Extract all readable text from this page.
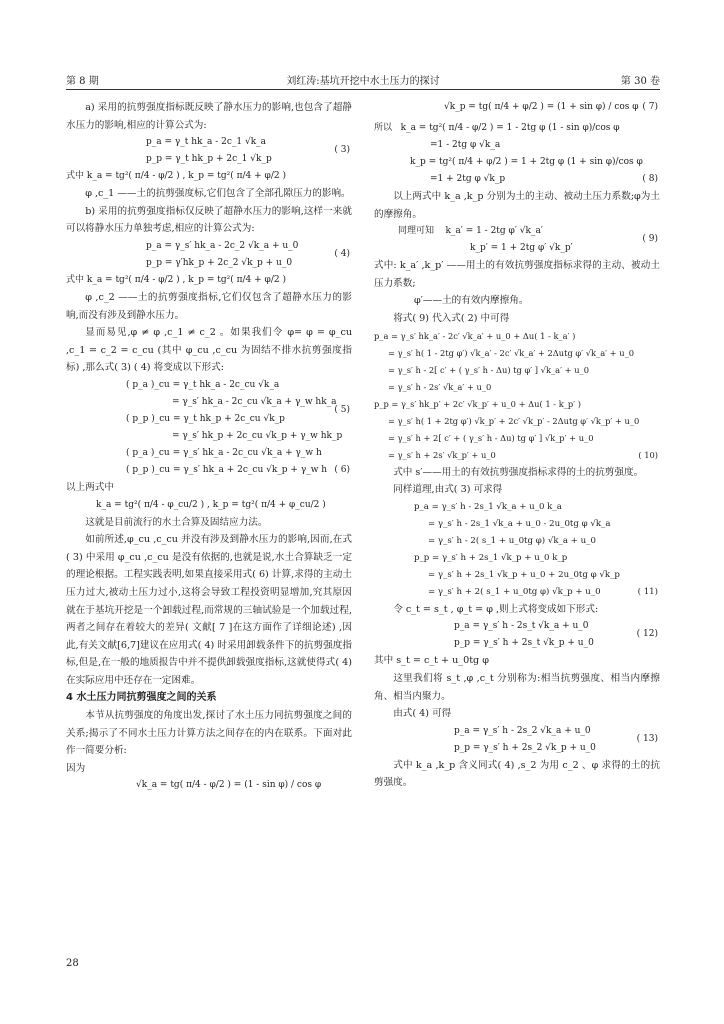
第 8 期	刘红涛:基坑开挖中水土压力的探讨	第 30 卷

a) 采用的抗剪强度指标既反映了静水压力的影响,也包含了超静水压力的影响,相应的计算公式为:

p_a = γ_t hk_a - 2c_1 √k_a
p_p = γ_t hk_p + 2c_1 √k_p
( 3)
式中 k_a = tg²( π/4 - φ/2 ) , k_p = tg²( π/4 + φ/2 )

φ ,c_1 ——土的抗剪强度标,它们包含了全部孔隙压力的影响。

b) 采用的抗剪强度指标仅反映了超静水压力的影响,这样一来就可以将静水压力单独考虑,相应的计算公式为:

p_a = γ_s′ hk_a - 2c_2 √k_a + u_0
p_p = γ′hk_p + 2c_2 √k_p + u_0
( 4)
式中 k_a = tg²( π/4 - φ/2 ) , k_p = tg²( π/4 + φ/2 )

φ ,c_2 ——土的抗剪强度指标,它们仅包含了超静水压力的影响,而没有涉及到静水压力。

显而易见,φ ≠ φ ,c_1 ≠ c_2 。如果我们令 φ= φ = φ_cu ,c_1 = c_2 = c_cu (其中 φ_cu ,c_cu 为固结不排水抗剪强度指标) ,那么式( 3) ( 4) 将变成以下形式:

( p_a )_cu = γ_t hk_a - 2c_cu √k_a
= γ_s′ hk_a - 2c_cu √k_a + γ_w hk_a
( p_p )_cu = γ_t hk_p + 2c_cu √k_p
= γ_s′ hk_p + 2c_cu √k_p + γ_w hk_p
( 5)
( p_a )_cu = γ_s′ hk_a - 2c_cu √k_a + γ_w h
( p_p )_cu = γ_s′ hk_a + 2c_cu √k_p + γ_w h ( 6)

以上两式中

k_a = tg²( π/4 - φ_cu/2 ) , k_p = tg²( π/4 + φ_cu/2 )

这就是目前流行的水土合算及固结应力法。

如前所述,φ_cu ,c_cu 并没有涉及到静水压力的影响,因而,在式( 3) 中采用 φ_cu ,c_cu 是没有依据的,也就是说,水土合算缺乏一定的理论根据。工程实践表明,如果直接采用式( 6) 计算,求得的主动土压力过大,被动土压力过小,这将会导致工程投资明显增加,究其原因就在于基坑开挖是一个卸载过程,而常规的三轴试验是一个加载过程,两者之间存在着较大的差异( 文献[ 7 ]在这方面作了详细论述) ,因此,有关文献[6,7]建议在应用式( 4) 时采用卸载条件下的抗剪强度指标,但是,在一般的地质报告中并不提供卸载强度指标,这就使得式( 4) 在实际应用中还存在一定困难。

4 水土压力同抗剪强度之间的关系

本节从抗剪强度的角度出发,探讨了水土压力同抗剪强度之间的关系;揭示了不同水土压力计算方法之间存在的内在联系。下面对此作一简要分析:

因为

√k_a = tg( π/4 - φ/2 ) = (1 - sin φ) / cos φ
√k_p = tg( π/4 + φ/2 ) = (1 + sin φ) / cos φ ( 7)
所以 k_a = tg²( π/4 - φ/2 ) = 1 - 2tg φ (1 - sin φ)/cos φ
=1 - 2tg φ √k_a
k_p = tg²( π/4 + φ/2 ) = 1 + 2tg φ (1 + sin φ)/cos φ
=1 + 2tg φ √k_p	( 8)

以上两式中 k_a ,k_p 分别为土的主动、被动土压力系数;φ为土的摩擦角。

同理可知 k_a′ = 1 - 2tg φ′ √k_a′
k_p′ = 1 + 2tg φ′ √k_p′
( 9)

式中: k_a′ ,k_p′ ——用土的有效抗剪强度指标求得的主动、被动土压力系数;

φ′——土的有效内摩擦角。

将式( 9) 代入式( 2) 中可得

p_a = γ_s′ hk_a′ - 2c′ √k_a′ + u_0 + Δu( 1 - k_a′ )
= γ_s′ h( 1 - 2tg φ′) √k_a′ - 2c′ √k_a′ + 2Δutg φ′ √k_a′ + u_0
= γ_s′ h - 2[ c′ + ( γ_s′ h - Δu) tg φ′ ] √k_a′ + u_0
= γ_s′ h - 2s′ √k_a′ + u_0
p_p = γ_s′ hk_p′ + 2c′ √k_p′ + u_0 + Δu( 1 - k_p′ )
= γ_s′ h( 1 + 2tg φ′) √k_p′ + 2c′ √k_p′ - 2Δutg φ′ √k_p′ + u_0
= γ_s′ h + 2[ c′ + ( γ_s′ h - Δu) tg φ′ ] √k_p′ + u_0
= γ_s′ h + 2s′ √k_p′ + u_0	( 10)

式中 s′——用土的有效抗剪强度指标求得的土的抗剪强度。

同样道理,由式( 3) 可求得

p_a = γ_s′ h - 2s_1 √k_a + u_0 k_a
= γ_s′ h - 2s_1 √k_a + u_0 - 2u_0tg φ √k_a
= γ_s′ h - 2( s_1 + u_0tg φ) √k_a + u_0
p_p = γ_s′ h + 2s_1 √k_p + u_0 k_p
= γ_s′ h + 2s_1 √k_p + u_0 + 2u_0tg φ √k_p
= γ_s′ h + 2( s_1 + u_0tg φ) √k_p + u_0	( 11)

令 c_t = s_t , φ_t = φ ,则上式将变成如下形式:

p_a = γ_s′ h - 2s_t √k_a + u_0
p_p = γ_s′ h + 2s_t √k_p + u_0
( 12)

其中 s_t = c_t + u_0tg φ

这里我们将 s_t ,φ ,c_t 分别称为:相当抗剪强度、相当内摩擦角、相当内聚力。

由式( 4) 可得

p_a = γ_s′ h - 2s_2 √k_a + u_0
p_p = γ_s′ h + 2s_2 √k_p + u_0
( 13)

式中 k_a ,k_p 含义同式( 4) ,s_2 为用 c_2 、φ 求得的土的抗剪强度。

28
